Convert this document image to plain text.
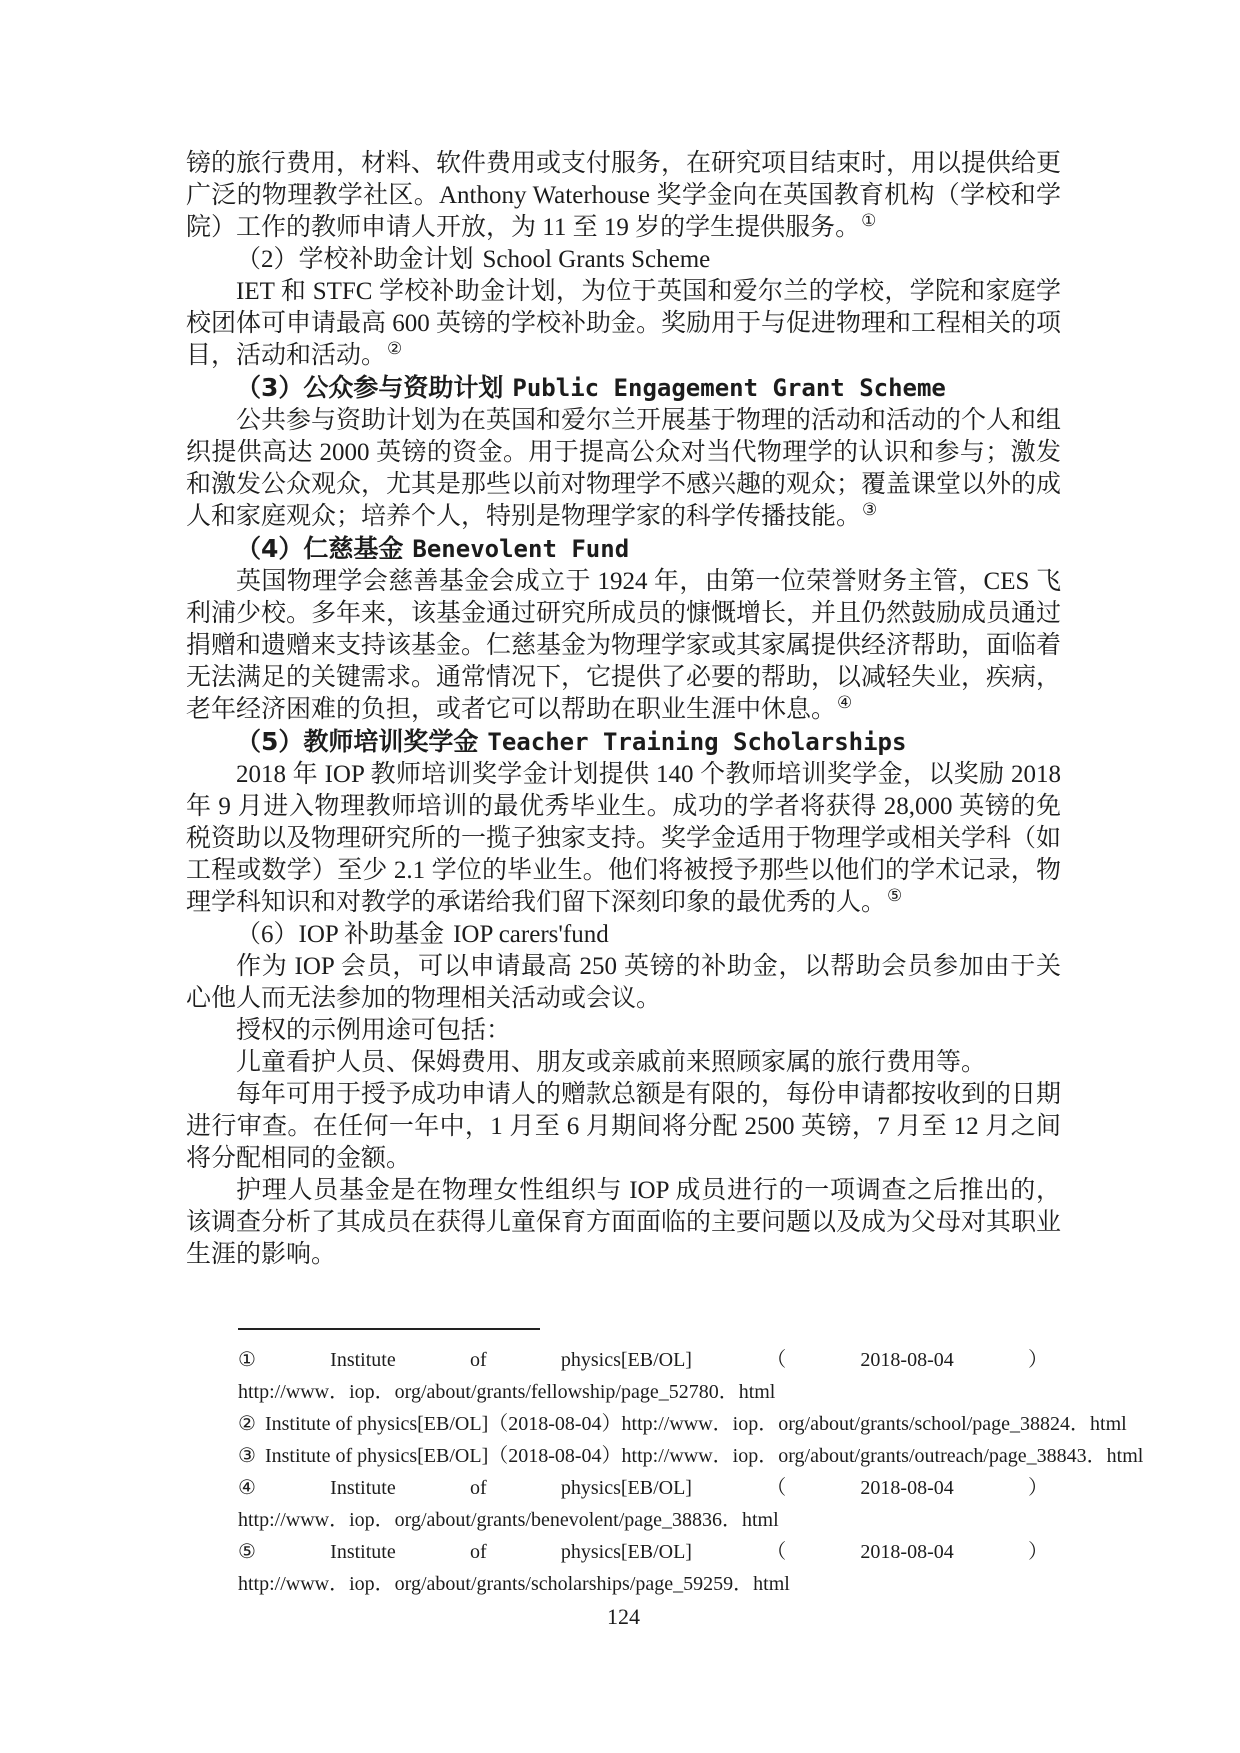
镑的旅行费用，材料、软件费用或支付服务，在研究项目结束时，用以提供给更广泛的物理教学社区。Anthony Waterhouse 奖学金向在英国教育机构（学校和学院）工作的教师申请人开放，为 11 至 19 岁的学生提供服务。①

（2）学校补助金计划 School Grants Scheme

IET 和 STFC 学校补助金计划，为位于英国和爱尔兰的学校，学院和家庭学校团体可申请最高 600 英镑的学校补助金。奖励用于与促进物理和工程相关的项目，活动和活动。②

（3）公众参与资助计划 Public Engagement Grant Scheme

公共参与资助计划为在英国和爱尔兰开展基于物理的活动和活动的个人和组织提供高达 2000 英镑的资金。用于提高公众对当代物理学的认识和参与；激发和激发公众观众，尤其是那些以前对物理学不感兴趣的观众；覆盖课堂以外的成人和家庭观众；培养个人，特别是物理学家的科学传播技能。③

（4）仁慈基金 Benevolent Fund

英国物理学会慈善基金会成立于 1924 年，由第一位荣誉财务主管，CES 飞利浦少校。多年来，该基金通过研究所成员的慷慨增长，并且仍然鼓励成员通过捐赠和遗赠来支持该基金。仁慈基金为物理学家或其家属提供经济帮助，面临着无法满足的关键需求。通常情况下，它提供了必要的帮助，以减轻失业，疾病，老年经济困难的负担，或者它可以帮助在职业生涯中休息。④

（5）教师培训奖学金 Teacher Training Scholarships

2018 年 IOP 教师培训奖学金计划提供 140 个教师培训奖学金，以奖励 2018 年 9 月进入物理教师培训的最优秀毕业生。成功的学者将获得 28,000 英镑的免税资助以及物理研究所的一揽子独家支持。奖学金适用于物理学或相关学科（如工程或数学）至少 2.1 学位的毕业生。他们将被授予那些以他们的学术记录，物理学科知识和对教学的承诺给我们留下深刻印象的最优秀的人。⑤

（6）IOP 补助基金 IOP carers'fund

作为 IOP 会员，可以申请最高 250 英镑的补助金，以帮助会员参加由于关心他人而无法参加的物理相关活动或会议。

授权的示例用途可包括：

儿童看护人员、保姆费用、朋友或亲戚前来照顾家属的旅行费用等。

每年可用于授予成功申请人的赠款总额是有限的，每份申请都按收到的日期进行审查。在任何一年中，1 月至 6 月期间将分配 2500 英镑，7 月至 12 月之间将分配相同的金额。

护理人员基金是在物理女性组织与 IOP 成员进行的一项调查之后推出的，该调查分析了其成员在获得儿童保育方面面临的主要问题以及成为父母对其职业生涯的影响。

①	Institute	of	physics[EB/OL]	（	2018-08-04	）
http://www．iop．org/about/grants/fellowship/page_52780．html
② Institute of physics[EB/OL]（2018-08-04）http://www．iop．org/about/grants/school/page_38824．html
③ Institute of physics[EB/OL]（2018-08-04）http://www．iop．org/about/grants/outreach/page_38843．html
④	Institute	of	physics[EB/OL]	（	2018-08-04	）
http://www．iop．org/about/grants/benevolent/page_38836．html
⑤	Institute	of	physics[EB/OL]	（	2018-08-04	）
http://www．iop．org/about/grants/scholarships/page_59259．html
124
